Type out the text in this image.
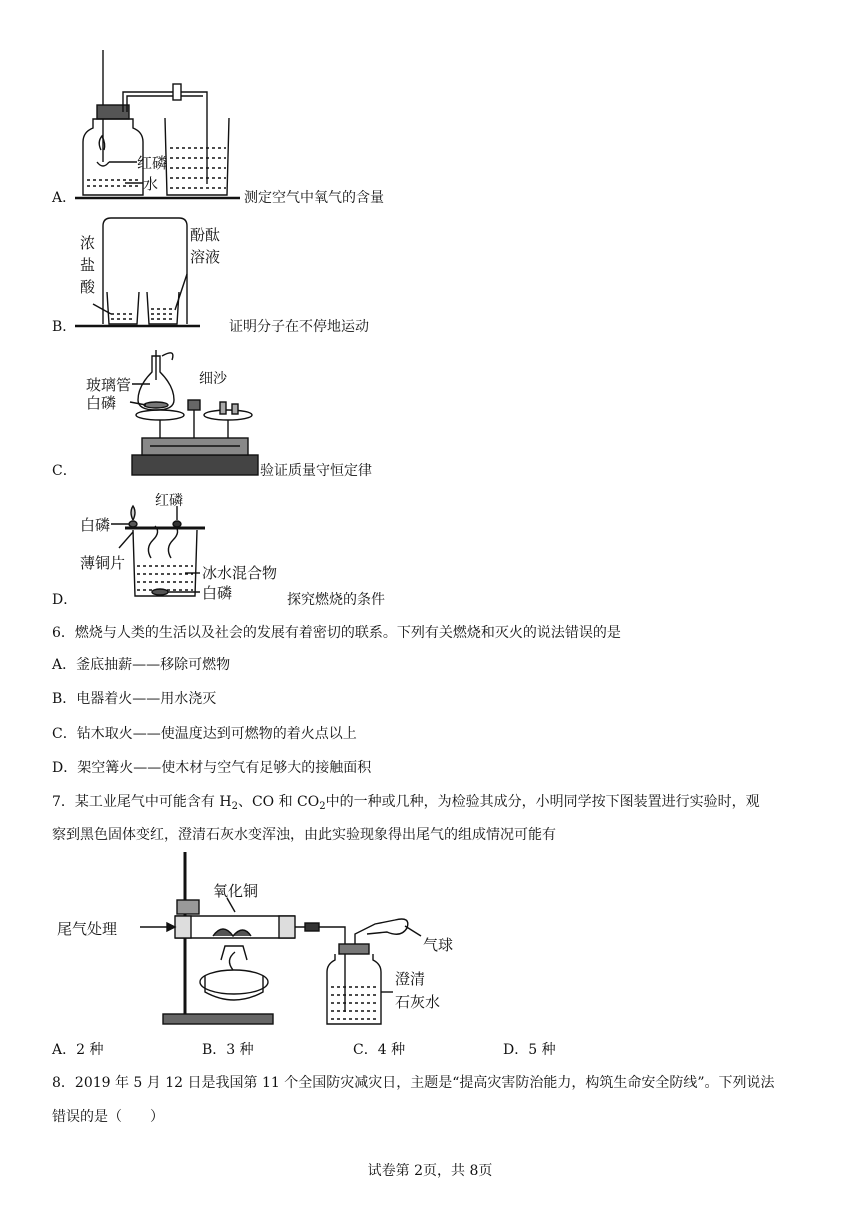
红磷
水
A．	测定空气中氧气的含量
浓
盐
酸
酚酞
溶液
B．	证明分子在不停地运动
玻璃管
白磷
细沙
C．	验证质量守恒定律
白磷
薄铜片
冰水混合物
白磷
红磷
D．	探究燃烧的条件
6．燃烧与人类的生活以及社会的发展有着密切的联系。下列有关燃烧和灭火的说法错误的是
A．釜底抽薪——移除可燃物
B．电器着火——用水浇灭
C．钻木取火——使温度达到可燃物的着火点以上
D．架空篝火——使木材与空气有足够大的接触面积
7．某工业尾气中可能含有 $H_2$、CO 和 $CO_2$中的一种或几种，为检验其成分，小明同学按下图装置进行实验时，观
察到黑色固体变红，澄清石灰水变浑浊，由此实验现象得出尾气的组成情况可能有
尾气处理
氧化铜
气球
澄清
石灰水
A．2 种	B．3 种	C．4 种	D．5 种
8．2019 年 5 月 12 日是我国第 11 个全国防灾减灾日，主题是“提高灾害防治能力，构筑生命安全防线”。下列说法
错误的是（　　）
试卷第 2页，共 8页
